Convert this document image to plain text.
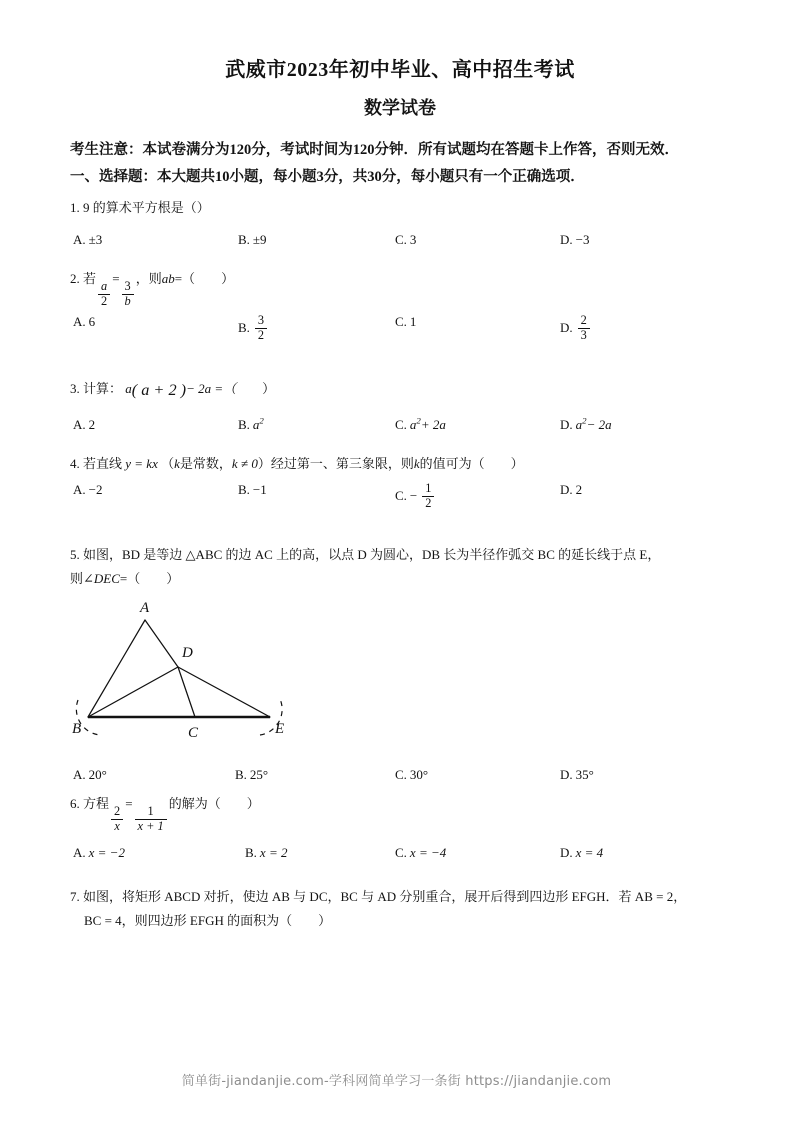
武威市2023年初中毕业、高中招生考试
数学试卷

考生注意：本试卷满分为120分，考试时间为120分钟．所有试题均在答题卡上作答，否则无效．

一、选择题：本大题共10小题，每小题3分，共30分，每小题只有一个正确选项．

1. 9 的算术平方根是（）

A. ±3	B. ±9	C. 3	D. −3

2. 若
$\frac{a}{2}$
=
$\frac{3}{b}$
，则ab=（ ）

A. 6	B. $\frac{3}{2}$	C. 1	D. $\frac{2}{3}$

3. 计算： a( a + 2 )− 2a =（ ）

A. 2	B. $a^2$	C. $a^2+ 2a$	D. $a^2- 2a$

4. 若直线 y = kx （k是常数，k ≠ 0）经过第一、第三象限，则k的值可为（ ）

A. −2	B. −1	C. − $\frac{1}{2}$	D. 2

5. 如图，BD 是等边 △ABC 的边 AC 上的高，以点 D 为圆心，DB 长为半径作弧交 BC 的延长线于点 E，
则∠DEC=（ ）

A
D
B	C	E
A. 20°	B. 25°	C. 30°	D. 35°

6. 方程
$\frac{2}{x}$
=
$\frac{1}{x + 1}$
的解为（ ）

A. x = −2	B. x = 2	C. x = −4	D. x = 4

7. 如图，将矩形 ABCD 对折，使边 AB 与 DC，BC 与 AD 分别重合，展开后得到四边形 EFGH．若 AB = 2，
BC = 4，则四边形 EFGH 的面积为（ ）

简单街-jiandanjie.com-学科网简单学习一条街 https://jiandanjie.com
